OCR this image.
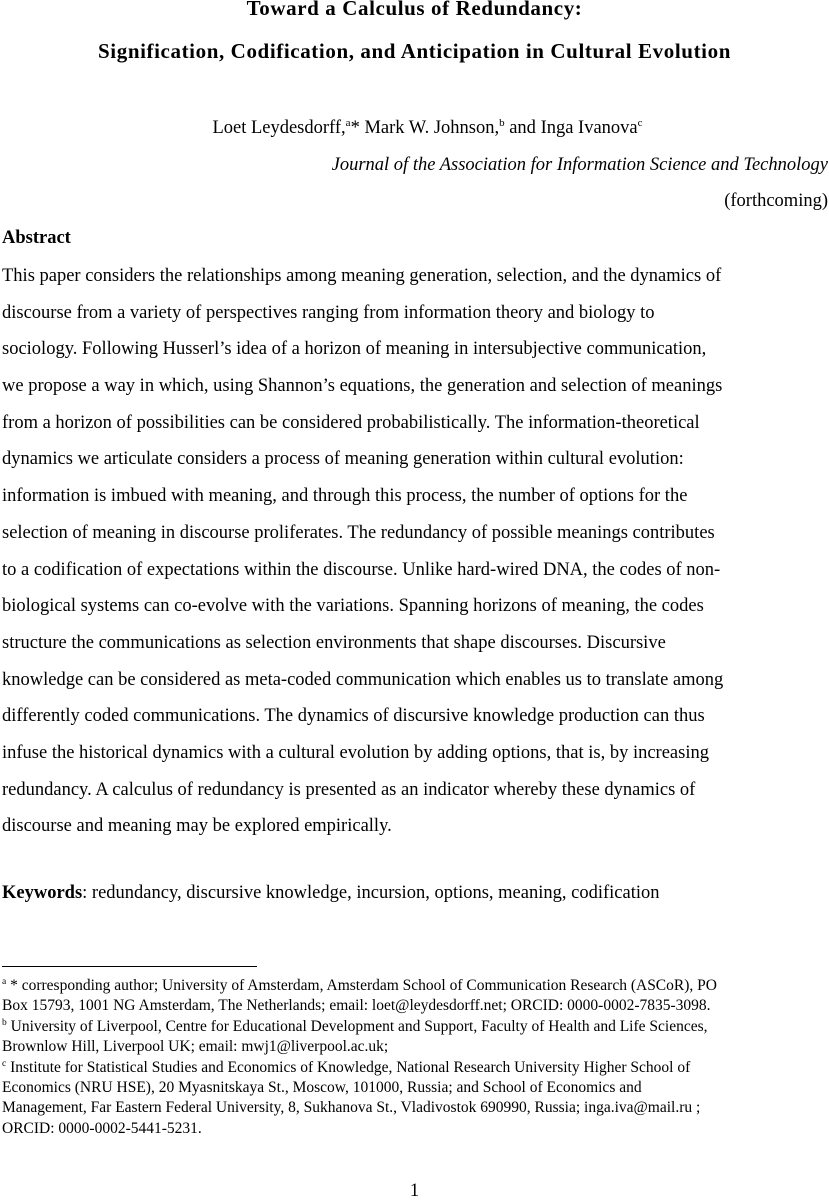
Toward a Calculus of Redundancy:
Signification, Codification, and Anticipation in Cultural Evolution
Loet Leydesdorff,$^a$* Mark W. Johnson,$^b$ and Inga Ivanova$^c$
Journal of the Association for Information Science and Technology
(forthcoming)
Abstract
This paper considers the relationships among meaning generation, selection, and the dynamics of
discourse from a variety of perspectives ranging from information theory and biology to
sociology. Following Husserl’s idea of a horizon of meaning in intersubjective communication,
we propose a way in which, using Shannon’s equations, the generation and selection of meanings
from a horizon of possibilities can be considered probabilistically. The information-theoretical
dynamics we articulate considers a process of meaning generation within cultural evolution:
information is imbued with meaning, and through this process, the number of options for the
selection of meaning in discourse proliferates. The redundancy of possible meanings contributes
to a codification of expectations within the discourse. Unlike hard-wired DNA, the codes of non-
biological systems can co-evolve with the variations. Spanning horizons of meaning, the codes
structure the communications as selection environments that shape discourses. Discursive
knowledge can be considered as meta-coded communication which enables us to translate among
differently coded communications. The dynamics of discursive knowledge production can thus
infuse the historical dynamics with a cultural evolution by adding options, that is, by increasing
redundancy. A calculus of redundancy is presented as an indicator whereby these dynamics of
discourse and meaning may be explored empirically.
Keywords: redundancy, discursive knowledge, incursion, options, meaning, codification
$^a$ * corresponding author; University of Amsterdam, Amsterdam School of Communication Research (ASCoR), PO
Box 15793, 1001 NG Amsterdam, The Netherlands; email: loet@leydesdorff.net; ORCID: 0000-0002-7835-3098.
$^b$ University of Liverpool, Centre for Educational Development and Support, Faculty of Health and Life Sciences,
Brownlow Hill, Liverpool UK; email: mwj1@liverpool.ac.uk;
$^c$ Institute for Statistical Studies and Economics of Knowledge, National Research University Higher School of
Economics (NRU HSE), 20 Myasnitskaya St., Moscow, 101000, Russia; and School of Economics and
Management, Far Eastern Federal University, 8, Sukhanova St., Vladivostok 690990, Russia; inga.iva@mail.ru ;
ORCID: 0000-0002-5441-5231.
1
